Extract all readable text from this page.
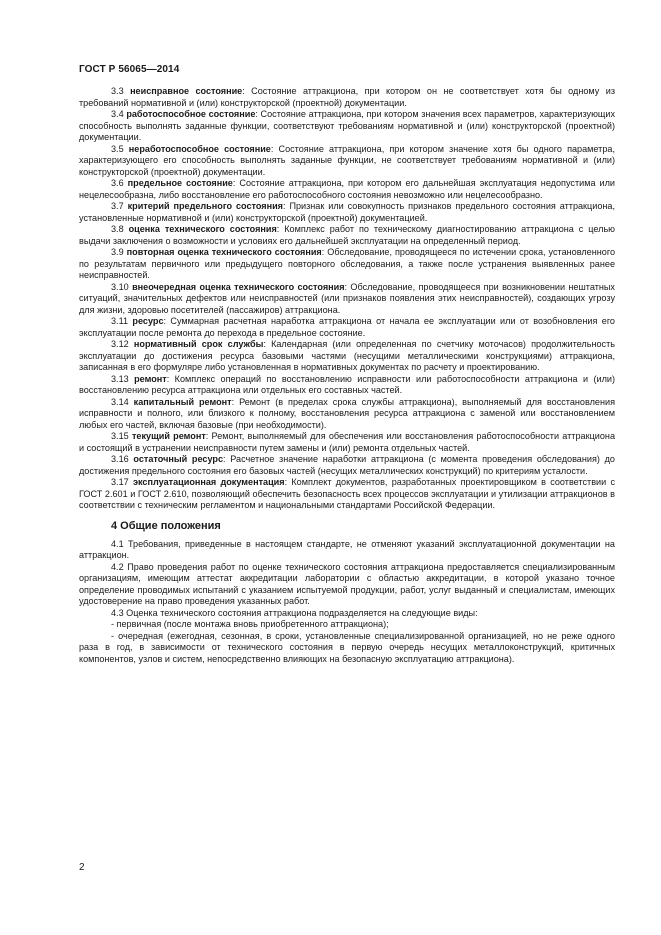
ГОСТ Р 56065—2014

3.3 неисправное состояние: Состояние аттракциона, при котором он не соответствует хотя бы одному из требований нормативной и (или) конструкторской (проектной) документации.

3.4 работоспособное состояние: Состояние аттракциона, при котором значения всех параметров, характеризующих способность выполнять заданные функции, соответствуют требованиям нормативной и (или) конструкторской (проектной) документации.

3.5 неработоспособное состояние: Состояние аттракциона, при котором значение хотя бы одного параметра, характеризующего его способность выполнять заданные функции, не соответствует требованиям нормативной и (или) конструкторской (проектной) документации.

3.6 предельное состояние: Состояние аттракциона, при котором его дальнейшая эксплуатация недопустима или нецелесообразна, либо восстановление его работоспособного состояния невозможно или нецелесообразно.

3.7 критерий предельного состояния: Признак или совокупность признаков предельного состояния аттракциона, установленные нормативной и (или) конструкторской (проектной) документацией.

3.8 оценка технического состояния: Комплекс работ по техническому диагностированию аттракциона с целью выдачи заключения о возможности и условиях его дальнейшей эксплуатации на определенный период.

3.9 повторная оценка технического состояния: Обследование, проводящееся по истечении срока, установленного по результатам первичного или предыдущего повторного обследования, а также после устранения выявленных ранее неисправностей.

3.10 внеочередная оценка технического состояния: Обследование, проводящееся при возникновении нештатных ситуаций, значительных дефектов или неисправностей (или признаков появления этих неисправностей), создающих угрозу для жизни, здоровью посетителей (пассажиров) аттракциона.

3.11 ресурс: Суммарная расчетная наработка аттракциона от начала ее эксплуатации или от возобновления его эксплуатации после ремонта до перехода в предельное состояние.

3.12 нормативный срок службы: Календарная (или определенная по счетчику моточасов) продолжительность эксплуатации до достижения ресурса базовыми частями (несущими металлическими конструкциями) аттракциона, записанная в его формуляре либо установленная в нормативных документах по расчету и проектированию.

3.13 ремонт: Комплекс операций по восстановлению исправности или работоспособности аттракциона и (или) восстановлению ресурса аттракциона или отдельных его составных частей.

3.14 капитальный ремонт: Ремонт (в пределах срока службы аттракциона), выполняемый для восстановления исправности и полного, или близкого к полному, восстановления ресурса аттракциона с заменой или восстановлением любых его частей, включая базовые (при необходимости).

3.15 текущий ремонт: Ремонт, выполняемый для обеспечения или восстановления работоспособности аттракциона и состоящий в устранении неисправности путем замены и (или) ремонта отдельных частей.

3.16 остаточный ресурс: Расчетное значение наработки аттракциона (с момента проведения обследования) до достижения предельного состояния его базовых частей (несущих металлических конструкций) по критериям усталости.

3.17 эксплуатационная документация: Комплект документов, разработанных проектировщиком в соответствии с ГОСТ 2.601 и ГОСТ 2.610, позволяющий обеспечить безопасность всех процессов эксплуатации и утилизации аттракционов в соответствии с техническим регламентом и национальными стандартами Российской Федерации.

4 Общие положения

4.1 Требования, приведенные в настоящем стандарте, не отменяют указаний эксплуатационной документации на аттракцион.

4.2 Право проведения работ по оценке технического состояния аттракциона предоставляется специализированным организациям, имеющим аттестат аккредитации лаборатории с областью аккредитации, в которой указано точное определение проводимых испытаний с указанием испытуемой продукции, работ, услуг выданный и специалистам, имеющих удостоверение на право проведения указанных работ.

4.3 Оценка технического состояния аттракциона подразделяется на следующие виды:

- первичная (после монтажа вновь приобретенного аттракциона);

- очередная (ежегодная, сезонная, в сроки, установленные специализированной организацией, но не реже одного раза в год, в зависимости от технического состояния в первую очередь несущих металлоконструкций, критичных компонентов, узлов и систем, непосредственно влияющих на безопасную эксплуатацию аттракциона).

2
